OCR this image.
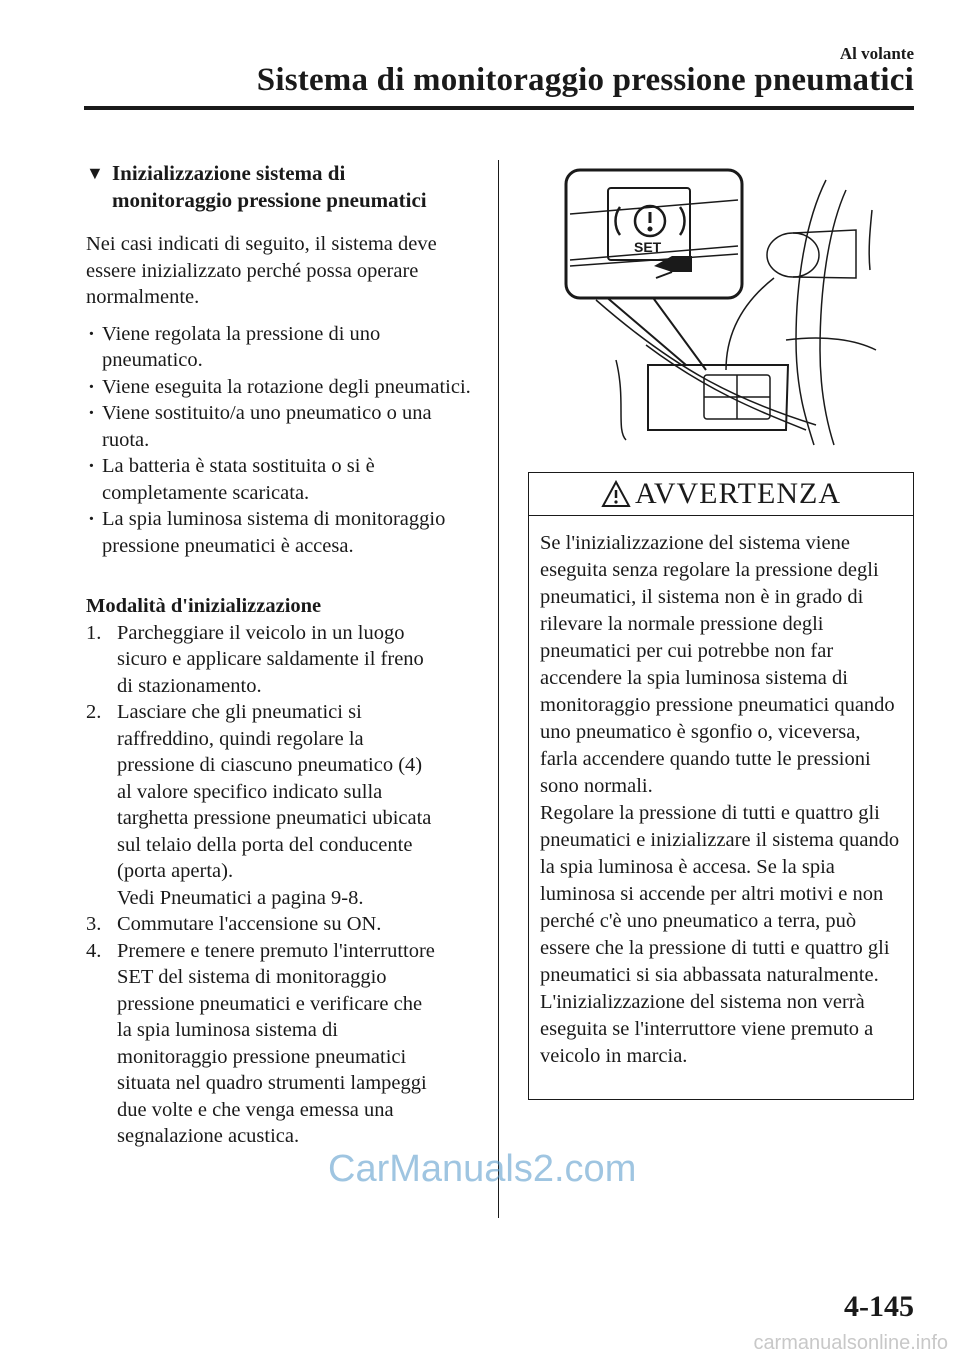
Al volante
Sistema di monitoraggio pressione pneumatici
▼ Inizializzazione sistema di
monitoraggio pressione pneumatici
Nei casi indicati di seguito, il sistema deve essere inizializzato perché possa operare normalmente.
· Viene regolata la pressione di uno pneumatico.
· Viene eseguita la rotazione degli pneumatici.
· Viene sostituito/a uno pneumatico o una ruota.
· La batteria è stata sostituita o si è completamente scaricata.
· La spia luminosa sistema di monitoraggio pressione pneumatici è accesa.
Modalità d'inizializzazione
1. Parcheggiare il veicolo in un luogo
sicuro e applicare saldamente il freno
di stazionamento.
2. Lasciare che gli pneumatici si
raffreddino, quindi regolare la
pressione di ciascuno pneumatico (4)
al valore specifico indicato sulla
targhetta pressione pneumatici ubicata
sul telaio della porta del conducente
(porta aperta).
Vedi Pneumatici a pagina 9-8.
3. Commutare l'accensione su ON.
4. Premere e tenere premuto l'interruttore
SET del sistema di monitoraggio
pressione pneumatici e verificare che
la spia luminosa sistema di
monitoraggio pressione pneumatici
situata nel quadro strumenti lampeggi
due volte e che venga emessa una
segnalazione acustica.
SET
AVVERTENZA
Se l'inizializzazione del sistema viene eseguita senza regolare la pressione degli pneumatici, il sistema non è in grado di rilevare la normale pressione degli pneumatici per cui potrebbe non far accendere la spia luminosa sistema di monitoraggio pressione pneumatici quando uno pneumatico è sgonfio o, viceversa, farla accendere quando tutte le pressioni sono normali.
Regolare la pressione di tutti e quattro gli pneumatici e inizializzare il sistema quando la spia luminosa è accesa. Se la spia luminosa si accende per altri motivi e non perché c'è uno pneumatico a terra, può essere che la pressione di tutti e quattro gli pneumatici si sia abbassata naturalmente.
L'inizializzazione del sistema non verrà eseguita se l'interruttore viene premuto a veicolo in marcia.
CarManuals2.com
4-145
carmanualsonline.info
